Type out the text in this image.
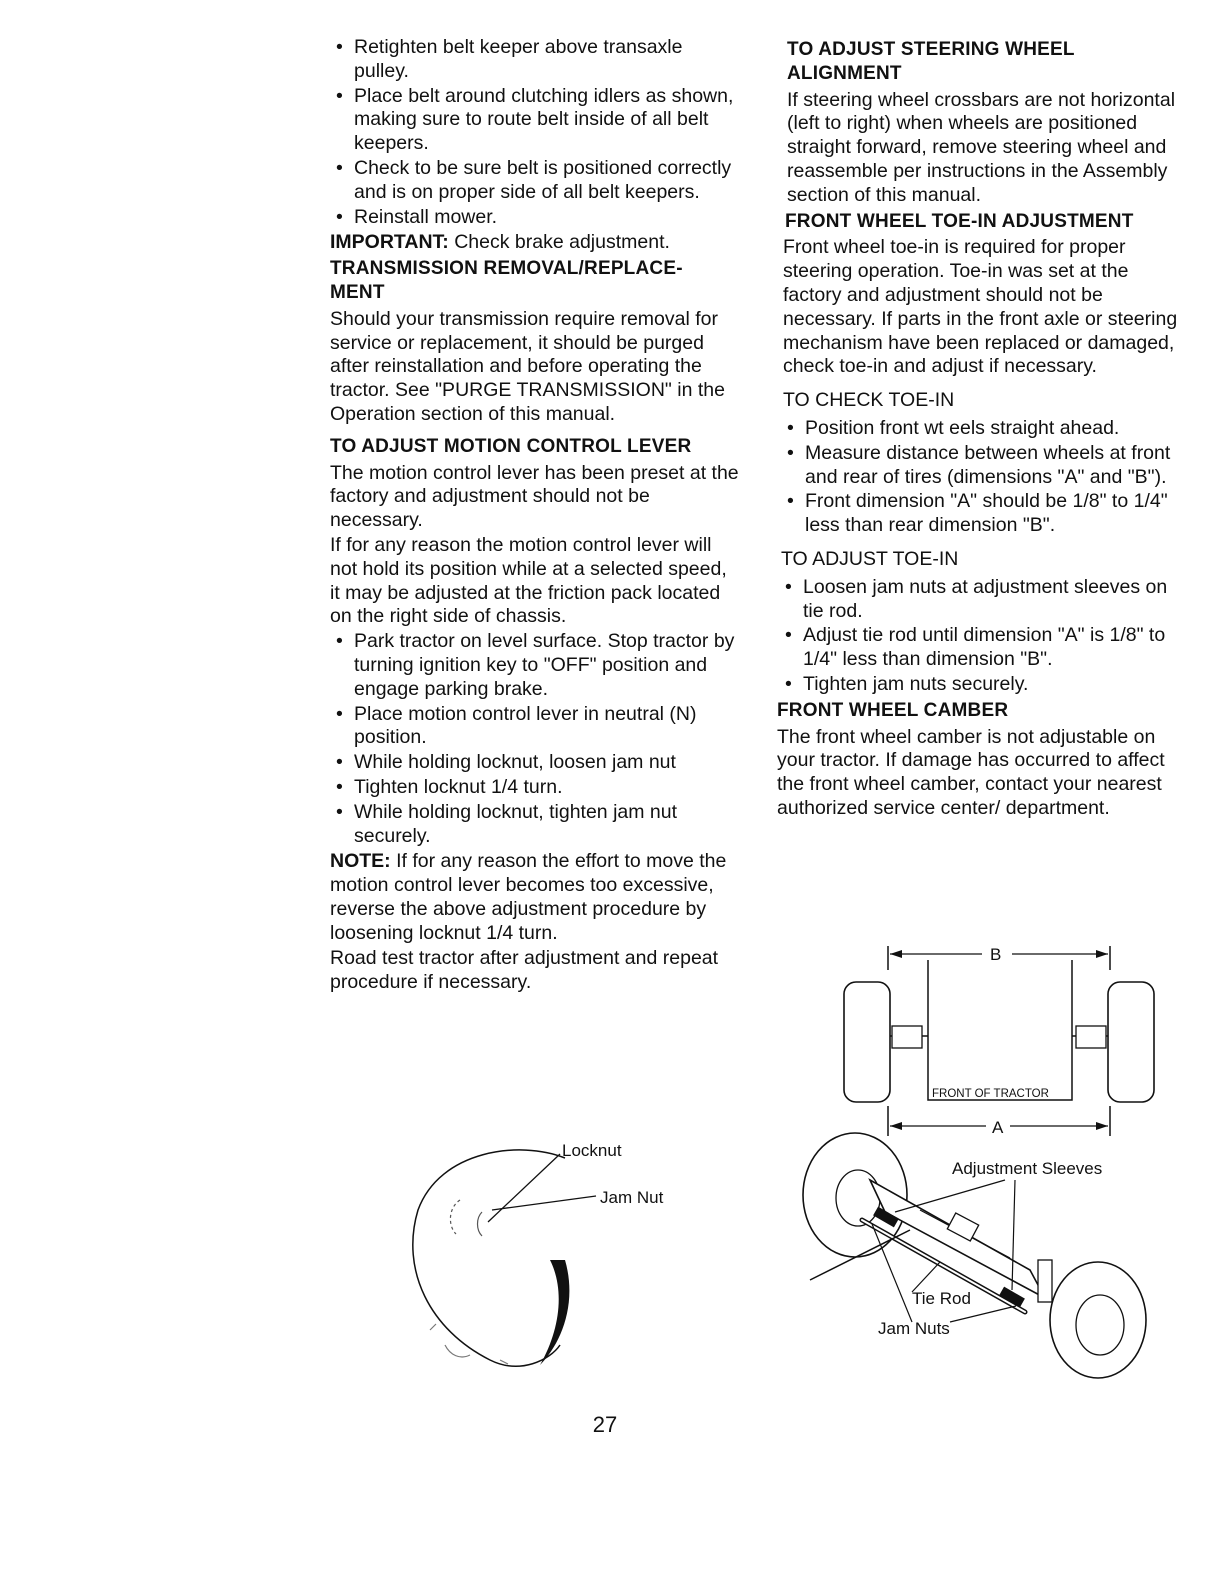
• Retighten belt keeper above transaxle pulley.
• Place belt around clutching idlers as shown, making sure to route belt inside of all belt keepers.
• Check to be sure belt is positioned correctly and is on proper side of all belt keepers.
• Reinstall mower.

IMPORTANT: Check brake adjustment.

TRANSMISSION REMOVAL/REPLACE- MENT

Should your transmission require removal for service or replacement, it should be purged after reinstallation and before operating the tractor. See "PURGE TRANSMISSION" in the Operation section of this manual.

TO ADJUST MOTION CONTROL LEVER

The motion control lever has been preset at the factory and adjustment should not be necessary.

If for any reason the motion control lever will not hold its position while at a selected speed, it may be adjusted at the friction pack located on the right side of chassis.

• Park tractor on level surface. Stop tractor by turning ignition key to "OFF" position and engage parking brake.
• Place motion control lever in neutral (N) position.
• While holding locknut, loosen jam nut
• Tighten locknut 1/4 turn.
• While holding locknut, tighten jam nut securely.

NOTE: If for any reason the effort to move the motion control lever becomes too excessive, reverse the above adjustment procedure by loosening locknut 1/4 turn.

Road test tractor after adjustment and repeat procedure if necessary.

Locknut
Jam Nut
TO ADJUST STEERING WHEEL ALIGNMENT

If steering wheel crossbars are not horizontal (left to right) when wheels are positioned straight forward, remove steering wheel and reassemble per instructions in the Assembly section of this manual.

FRONT WHEEL TOE-IN ADJUSTMENT

Front wheel toe-in is required for proper steering operation. Toe-in was set at the factory and adjustment should not be necessary. If parts in the front axle or steering mechanism have been replaced or damaged, check toe-in and adjust if necessary.

TO CHECK TOE-IN
• Position front wt eels straight ahead.
• Measure distance between wheels at front and rear of tires (dimensions "A" and "B").
• Front dimension "A" should be 1/8" to 1/4" less than rear dimension "B".
TO ADJUST TOE-IN
• Loosen jam nuts at adjustment sleeves on tie rod.
• Adjust tie rod until dimension "A" is 1/8" to 1/4" less than dimension "B".
• Tighten jam nuts securely.
FRONT WHEEL CAMBER

The front wheel camber is not adjustable on your tractor. If damage has occurred to affect the front wheel camber, contact your nearest authorized service center/ department.

B
FRONT OF TRACTOR
A
Adjustment Sleeves
Tie Rod
Jam Nuts
27
